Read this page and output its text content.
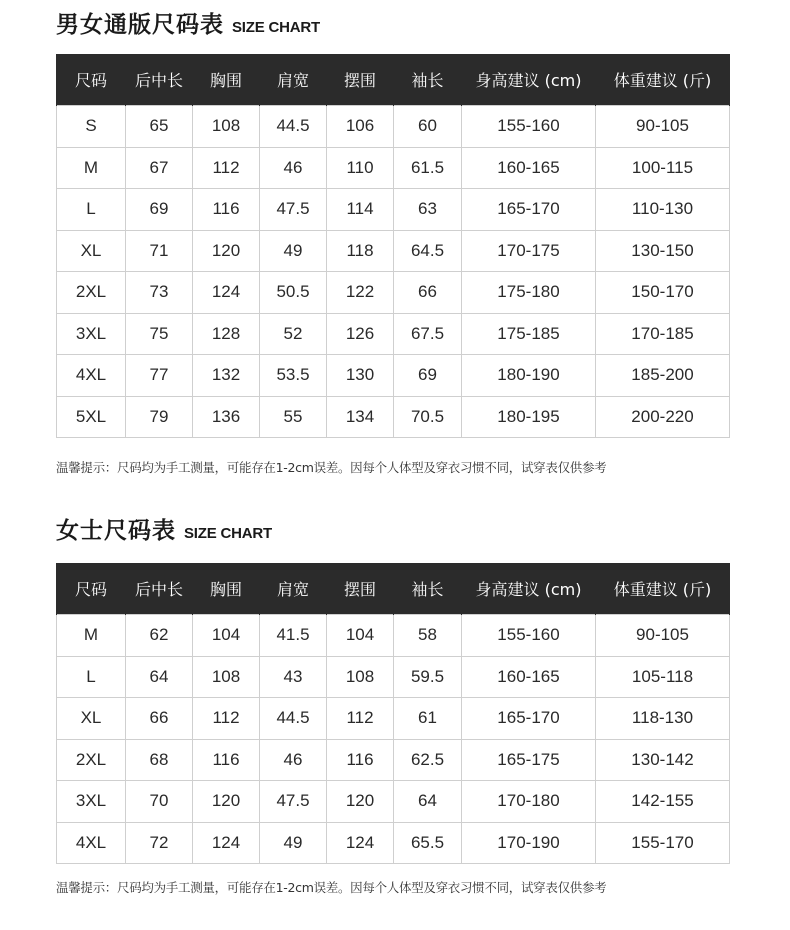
男女通版尺码表 SIZE CHART
尺码	后中长	胸围	肩宽	摆围	袖长	身高建议 (cm)	体重建议 (斤)
S	65	108	44.5	106	60	155-160	90-105
M	67	112	46	110	61.5	160-165	100-115
L	69	116	47.5	114	63	165-170	110-130
XL	71	120	49	118	64.5	170-175	130-150
2XL	73	124	50.5	122	66	175-180	150-170
3XL	75	128	52	126	67.5	175-185	170-185
4XL	77	132	53.5	130	69	180-190	185-200
5XL	79	136	55	134	70.5	180-195	200-220
温馨提示：尺码均为手工测量，可能存在1-2cm误差。因每个人体型及穿衣习惯不同，试穿表仅供参考
女士尺码表 SIZE CHART
尺码	后中长	胸围	肩宽	摆围	袖长	身高建议 (cm)	体重建议 (斤)
M	62	104	41.5	104	58	155-160	90-105
L	64	108	43	108	59.5	160-165	105-118
XL	66	112	44.5	112	61	165-170	118-130
2XL	68	116	46	116	62.5	165-175	130-142
3XL	70	120	47.5	120	64	170-180	142-155
4XL	72	124	49	124	65.5	170-190	155-170
温馨提示：尺码均为手工测量，可能存在1-2cm误差。因每个人体型及穿衣习惯不同，试穿表仅供参考
